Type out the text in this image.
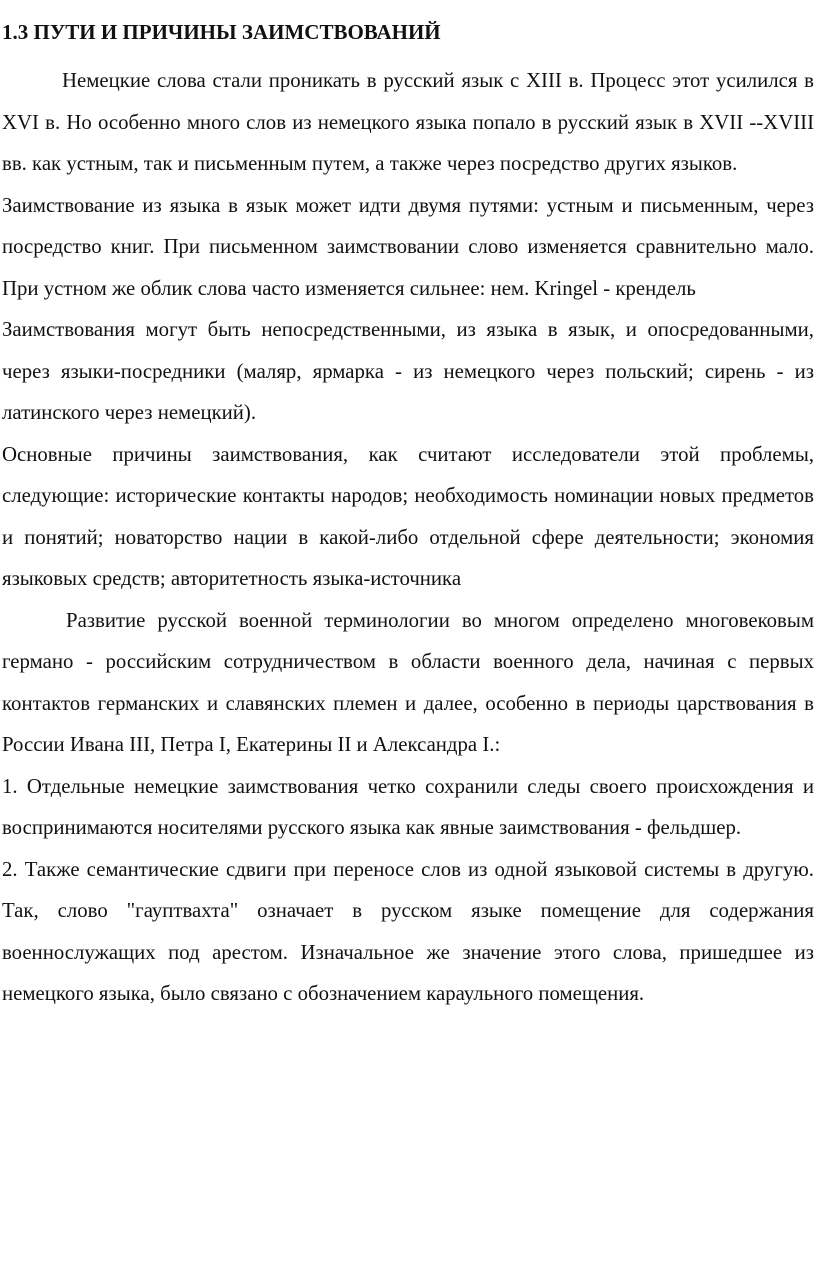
1.3 ПУТИ И ПРИЧИНЫ ЗАИМСТВОВАНИЙ

Немецкие слова стали проникать в русский язык с XIII в. Процесс этот усилился в XVI в. Но особенно много слов из немецкого языка попало в русский язык в XVII --XVIII вв. как устным, так и письменным путем, а также через посредство других языков.

Заимствование из языка в язык может идти двумя путями: устным и письменным, через посредство книг. При письменном заимствовании слово изменяется сравнительно мало. При устном же облик слова часто изменяется сильнее: нем. Kringel - крендель

Заимствования могут быть непосредственными, из языка в язык, и опосредованными, через языки-посредники (маляр, ярмарка - из немецкого через польский; сирень - из латинского через немецкий).

Основные причины заимствования, как считают исследователи этой проблемы, следующие: исторические контакты народов; необходимость номинации новых предметов и понятий; новаторство нации в какой-либо отдельной сфере деятельности; экономия языковых средств; авторитетность языка-источника

Развитие русской военной терминологии во многом определено многовековым германо - российским сотрудничеством в области военного дела, начиная с первых контактов германских и славянских племен и далее, особенно в периоды царствования в России Ивана III, Петра I, Екатерины II и Александра I.:

1. Отдельные немецкие заимствования четко сохранили следы своего происхождения и воспринимаются носителями русского языка как явные заимствования - фельдшер.

2. Также семантические сдвиги при переносе слов из одной языковой системы в другую. Так, слово "гауптвахта" означает в русском языке помещение для содержания военнослужащих под арестом. Изначальное же значение этого слова, пришедшее из немецкого языка, было связано с обозначением караульного помещения.
